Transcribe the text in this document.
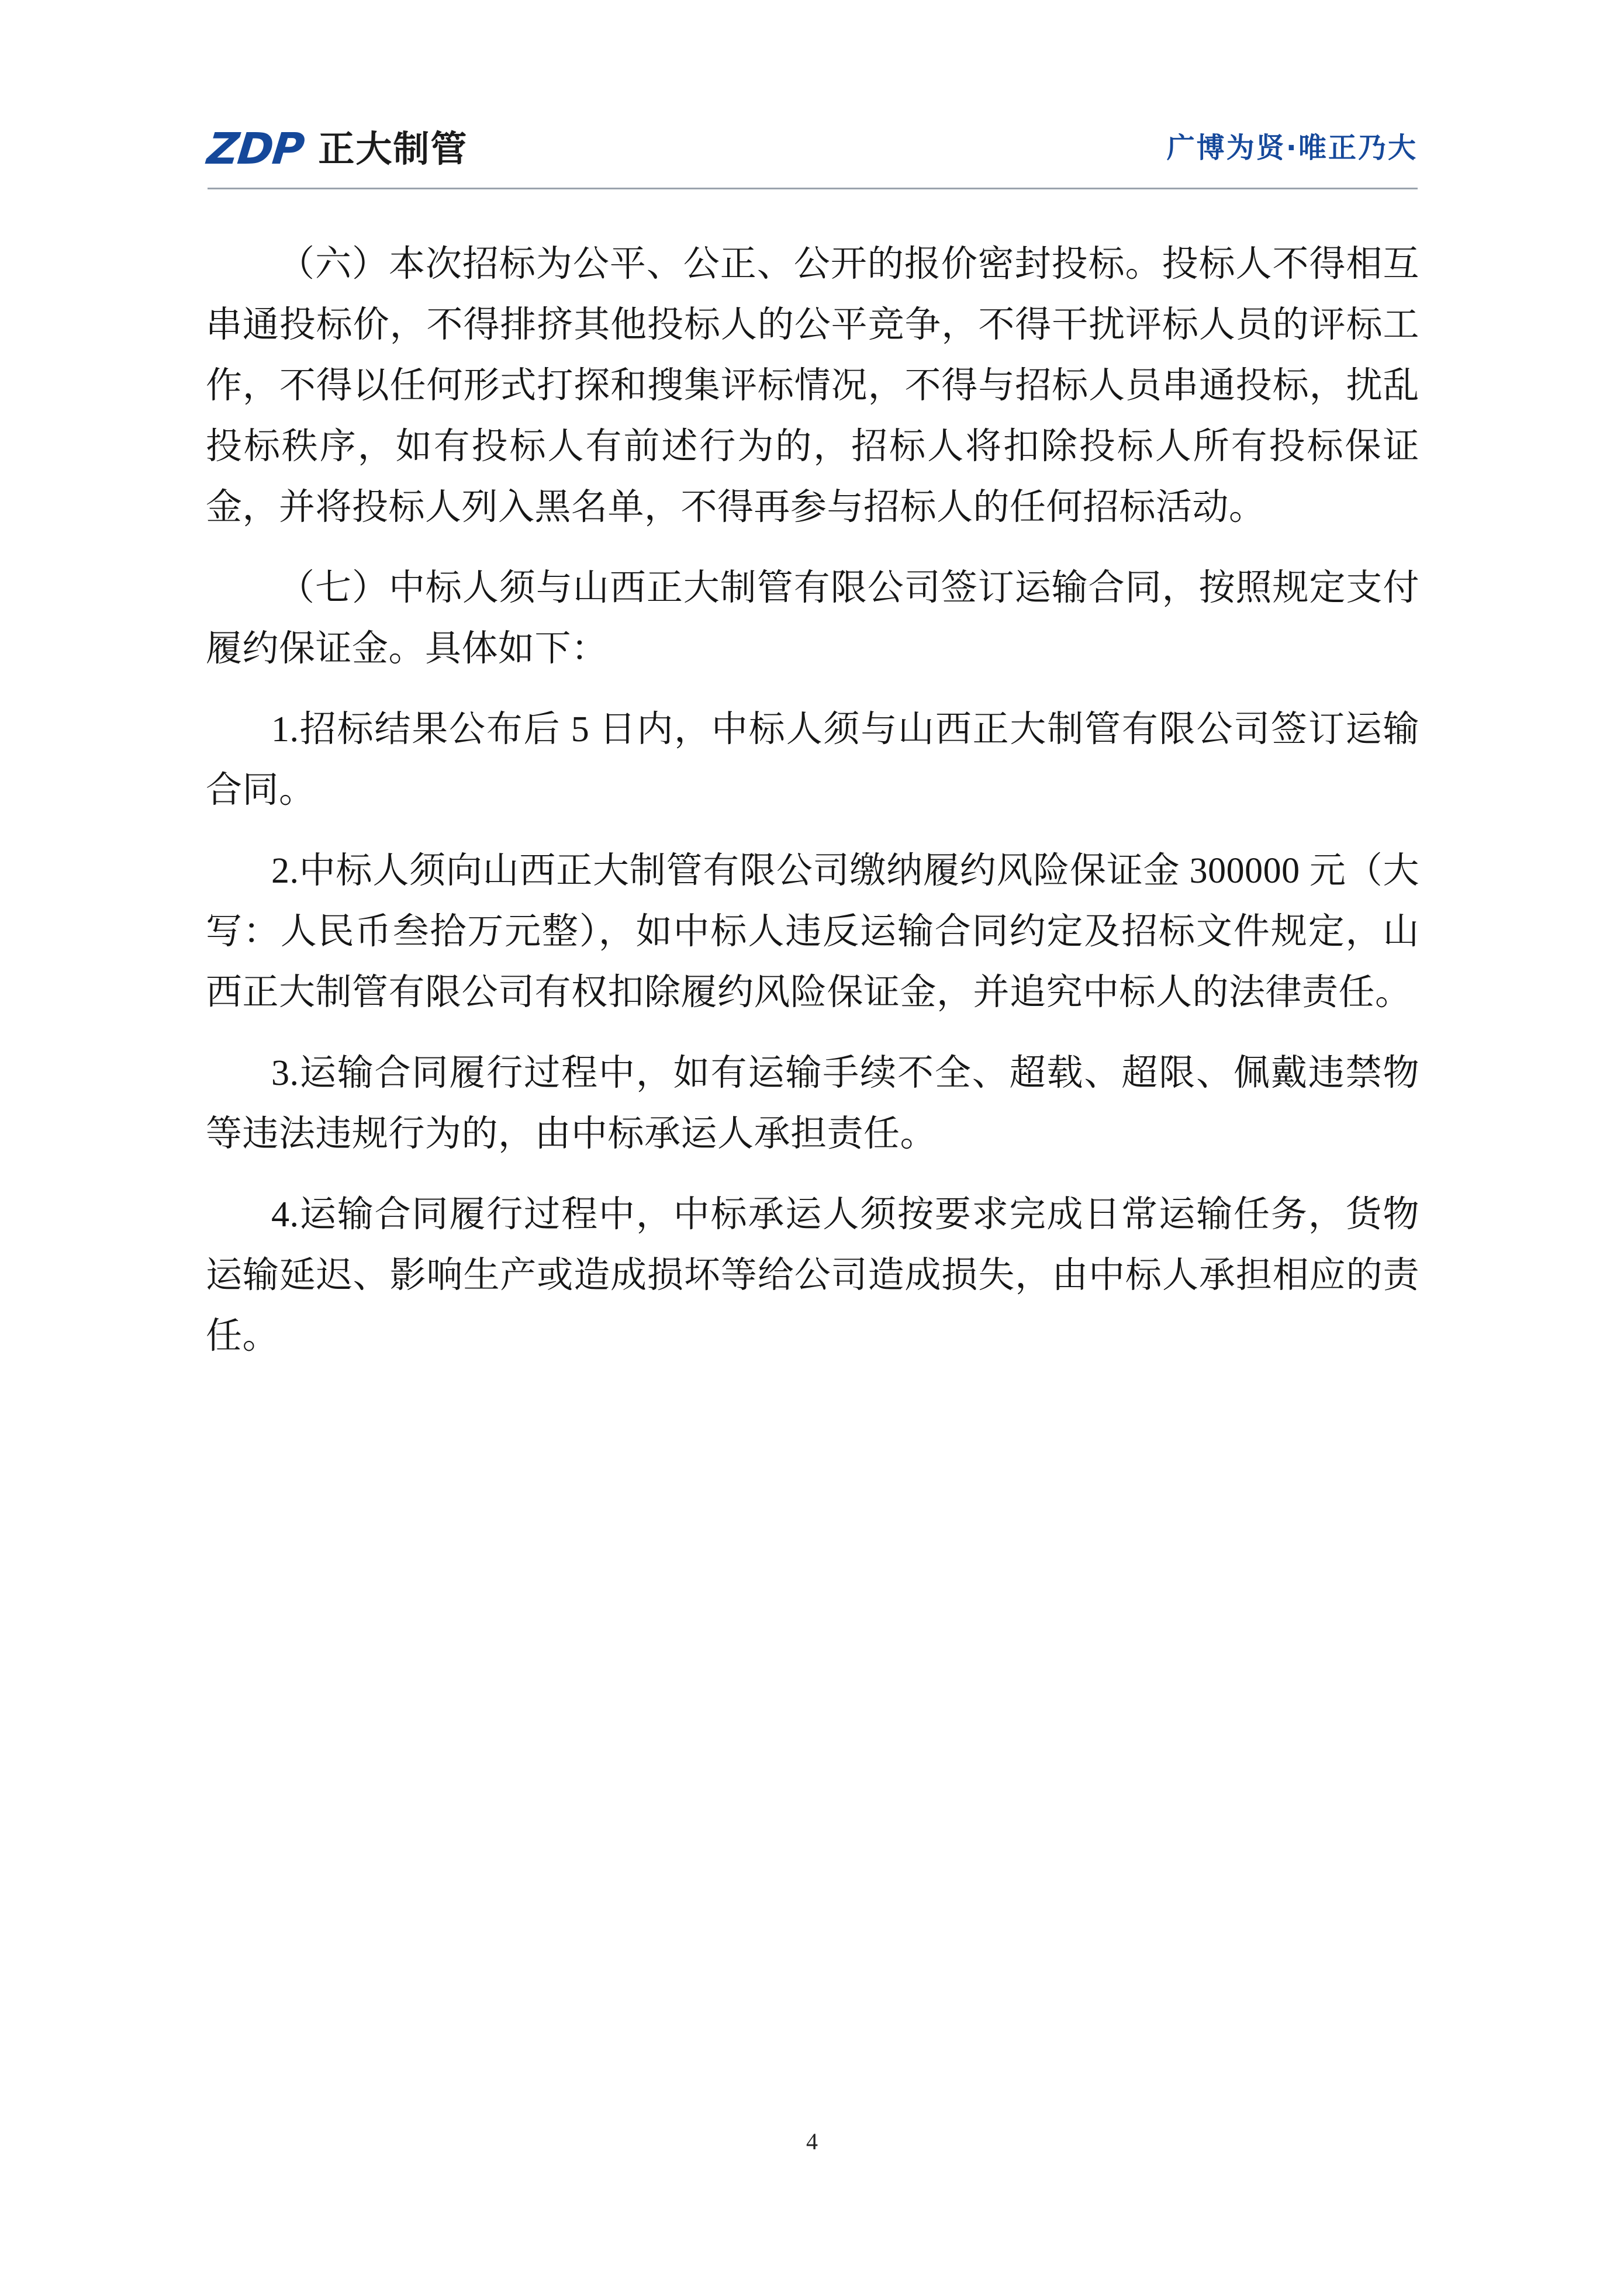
ZDP 正大制管	广博为贤·唯正乃大

（六）本次招标为公平、公正、公开的报价密封投标。投标人不得相互串通投标价，不得排挤其他投标人的公平竞争，不得干扰评标人员的评标工作，不得以任何形式打探和搜集评标情况，不得与招标人员串通投标，扰乱投标秩序，如有投标人有前述行为的，招标人将扣除投标人所有投标保证金，并将投标人列入黑名单，不得再参与招标人的任何招标活动。

（七）中标人须与山西正大制管有限公司签订运输合同，按照规定支付履约保证金。具体如下：

1.招标结果公布后 5 日内，中标人须与山西正大制管有限公司签订运输合同。

2.中标人须向山西正大制管有限公司缴纳履约风险保证金 300000 元（大写：人民币叁拾万元整），如中标人违反运输合同约定及招标文件规定，山西正大制管有限公司有权扣除履约风险保证金，并追究中标人的法律责任。

3.运输合同履行过程中，如有运输手续不全、超载、超限、佩戴违禁物等违法违规行为的，由中标承运人承担责任。

4.运输合同履行过程中，中标承运人须按要求完成日常运输任务，货物运输延迟、影响生产或造成损坏等给公司造成损失，由中标人承担相应的责任。

4
